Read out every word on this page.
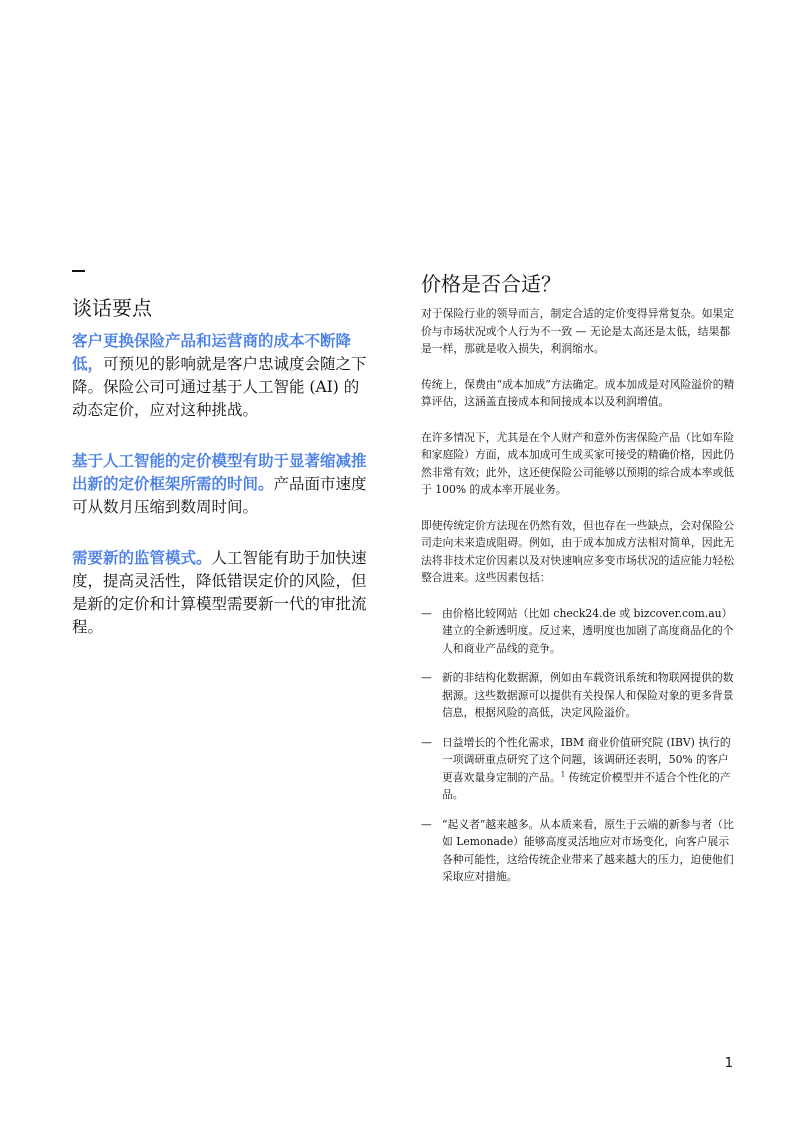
谈话要点

客户更换保险产品和运营商的成本不断降低，可预见的影响就是客户忠诚度会随之下降。保险公司可通过基于人工智能 (AI) 的动态定价，应对这种挑战。

基于人工智能的定价模型有助于显著缩减推出新的定价框架所需的时间。产品面市速度可从数月压缩到数周时间。

需要新的监管模式。人工智能有助于加快速度，提高灵活性，降低错误定价的风险，但是新的定价和计算模型需要新一代的审批流程。

价格是否合适？

对于保险行业的领导而言，制定合适的定价变得异常复杂。如果定价与市场状况或个人行为不一致 — 无论是太高还是太低，结果都是一样，那就是收入损失，利润缩水。

传统上，保费由“成本加成”方法确定。成本加成是对风险溢价的精算评估，这涵盖直接成本和间接成本以及利润增值。

在许多情况下，尤其是在个人财产和意外伤害保险产品（比如车险和家庭险）方面，成本加成可生成买家可接受的精确价格，因此仍然非常有效；此外，这还使保险公司能够以预期的综合成本率或低于 100% 的成本率开展业务。

即使传统定价方法现在仍然有效，但也存在一些缺点，会对保险公司走向未来造成阻碍。例如，由于成本加成方法相对简单，因此无法将非技术定价因素以及对快速响应多变市场状况的适应能力轻松整合进来。这些因素包括：

— 由价格比较网站（比如 check24.de 或 bizcover.com.au）建立的全新透明度。反过来，透明度也加剧了高度商品化的个人和商业产品线的竞争。
— 新的非结构化数据源，例如由车载资讯系统和物联网提供的数据源。这些数据源可以提供有关投保人和保险对象的更多背景信息，根据风险的高低，决定风险溢价。
— 日益增长的个性化需求，IBM 商业价值研究院 (IBV) 执行的一项调研重点研究了这个问题，该调研还表明，50% 的客户更喜欢量身定制的产品。$^1$ 传统定价模型并不适合个性化的产品。
— “起义者”越来越多。从本质来看，原生于云端的新参与者（比如 Lemonade）能够高度灵活地应对市场变化，向客户展示各种可能性，这给传统企业带来了越来越大的压力，迫使他们采取应对措施。
1
